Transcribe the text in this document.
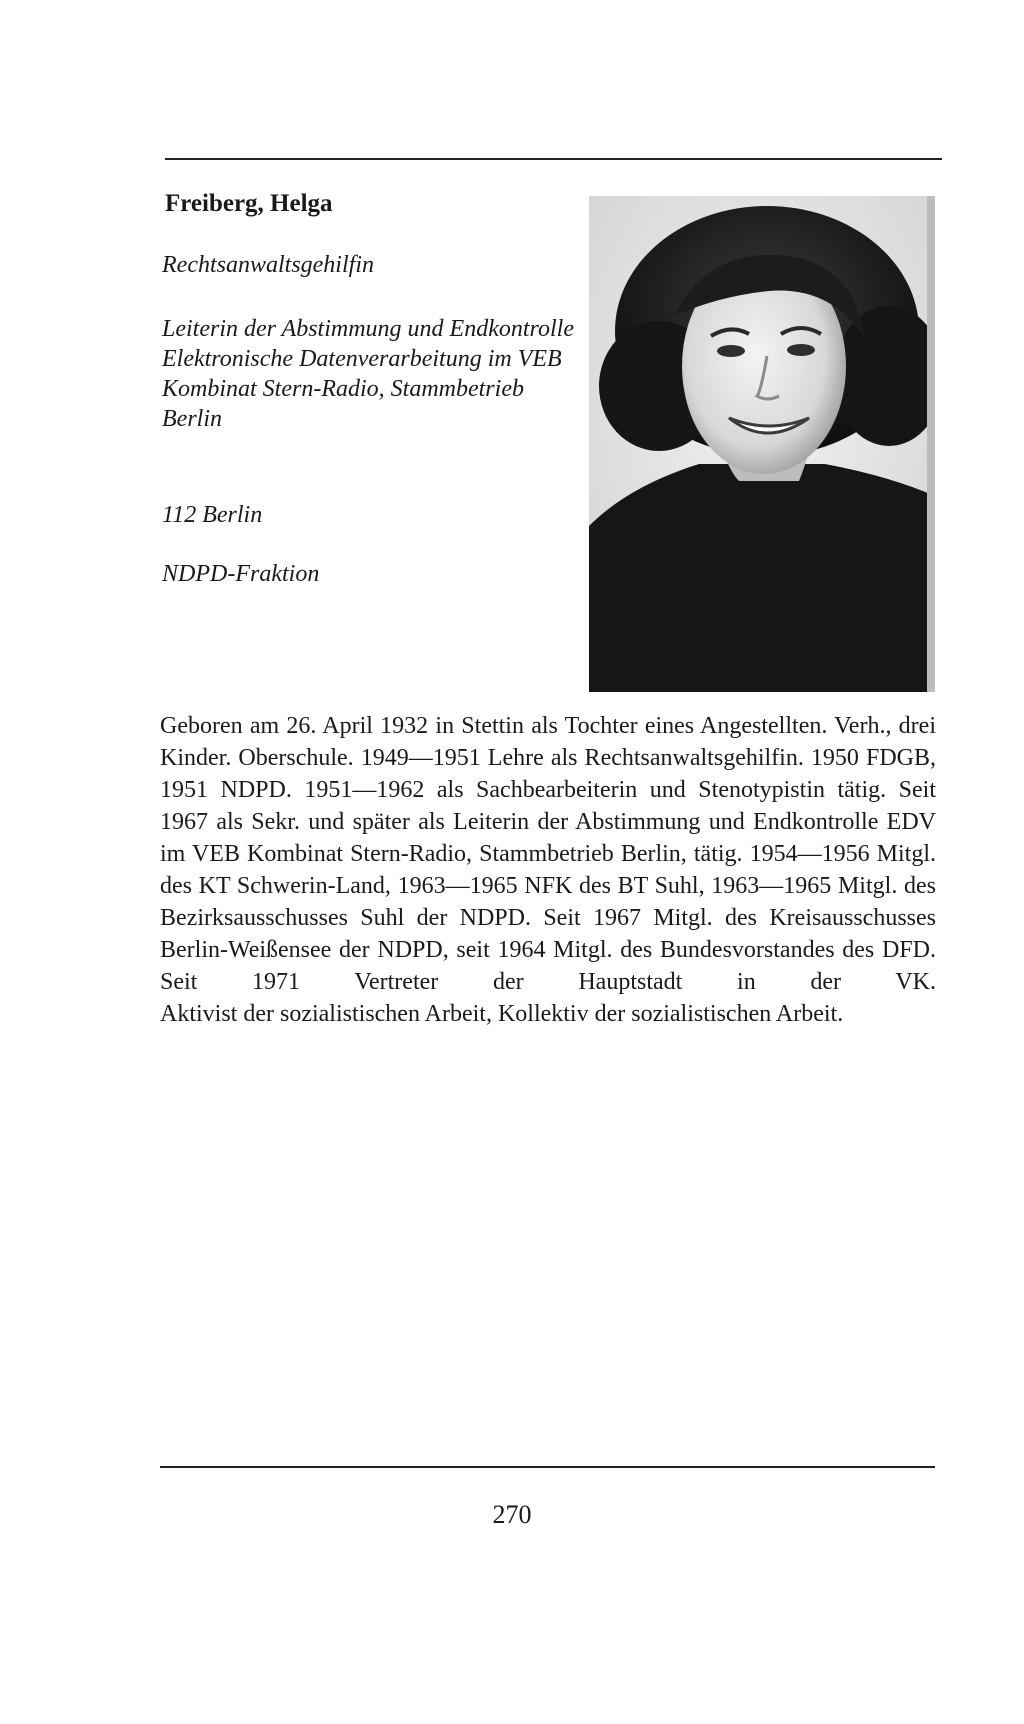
Freiberg, Helga

Rechtsanwaltsgehilfin

Leiterin der Abstimmung und Endkontrolle Elektronische Datenverarbeitung im VEB Kombinat Stern-Radio, Stammbetrieb Berlin

112 Berlin

NDPD-Fraktion

Geboren am 26. April 1932 in Stettin als Tochter eines Angestellten. Verh., drei Kinder. Oberschule. 1949—1951 Lehre als Rechtsanwaltsgehilfin. 1950 FDGB, 1951 NDPD. 1951—1962 als Sachbearbeiterin und Stenotypistin tätig. Seit 1967 als Sekr. und später als Leiterin der Abstimmung und Endkontrolle EDV im VEB Kombinat Stern-Radio, Stammbetrieb Berlin, tätig. 1954—1956 Mitgl. des KT Schwerin-Land, 1963—1965 NFK des BT Suhl, 1963—1965 Mitgl. des Bezirksausschusses Suhl der NDPD. Seit 1967 Mitgl. des Kreisausschusses Berlin-Weißensee der NDPD, seit 1964 Mitgl. des Bundesvorstandes des DFD. Seit 1971 Vertreter der Hauptstadt in der VK.

Aktivist der sozialistischen Arbeit, Kollektiv der sozialistischen Arbeit.

270
